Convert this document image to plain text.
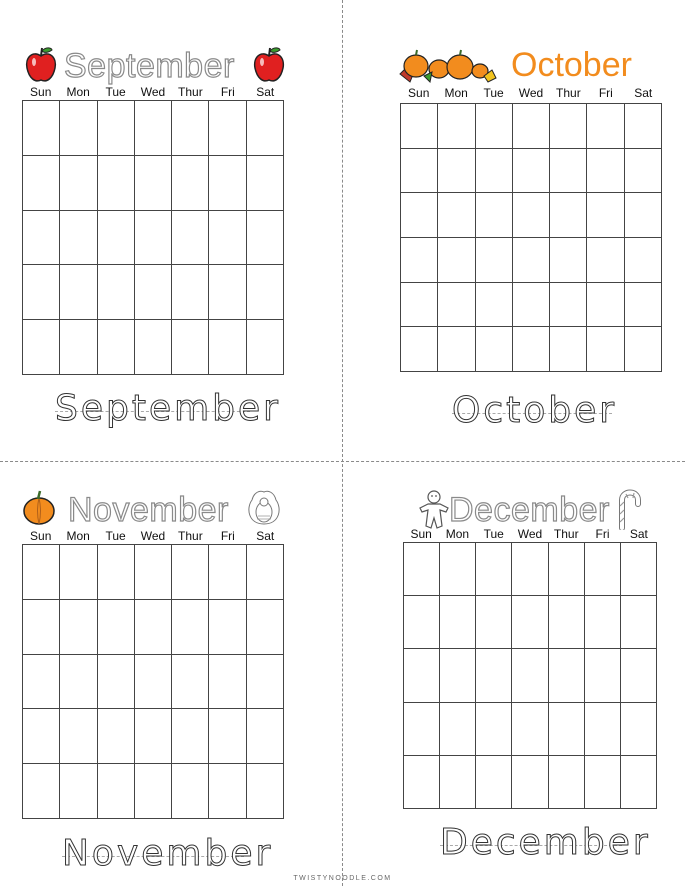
September
Sun	Mon	Tue	Wed	Thur	Fri	Sat
September
October
Sun	Mon	Tue	Wed	Thur	Fri	Sat
October
November
Sun	Mon	Tue	Wed	Thur	Fri	Sat
November
December
Sun	Mon	Tue	Wed Thur	Fri	Sat
December
TWISTYNOODLE.COM
